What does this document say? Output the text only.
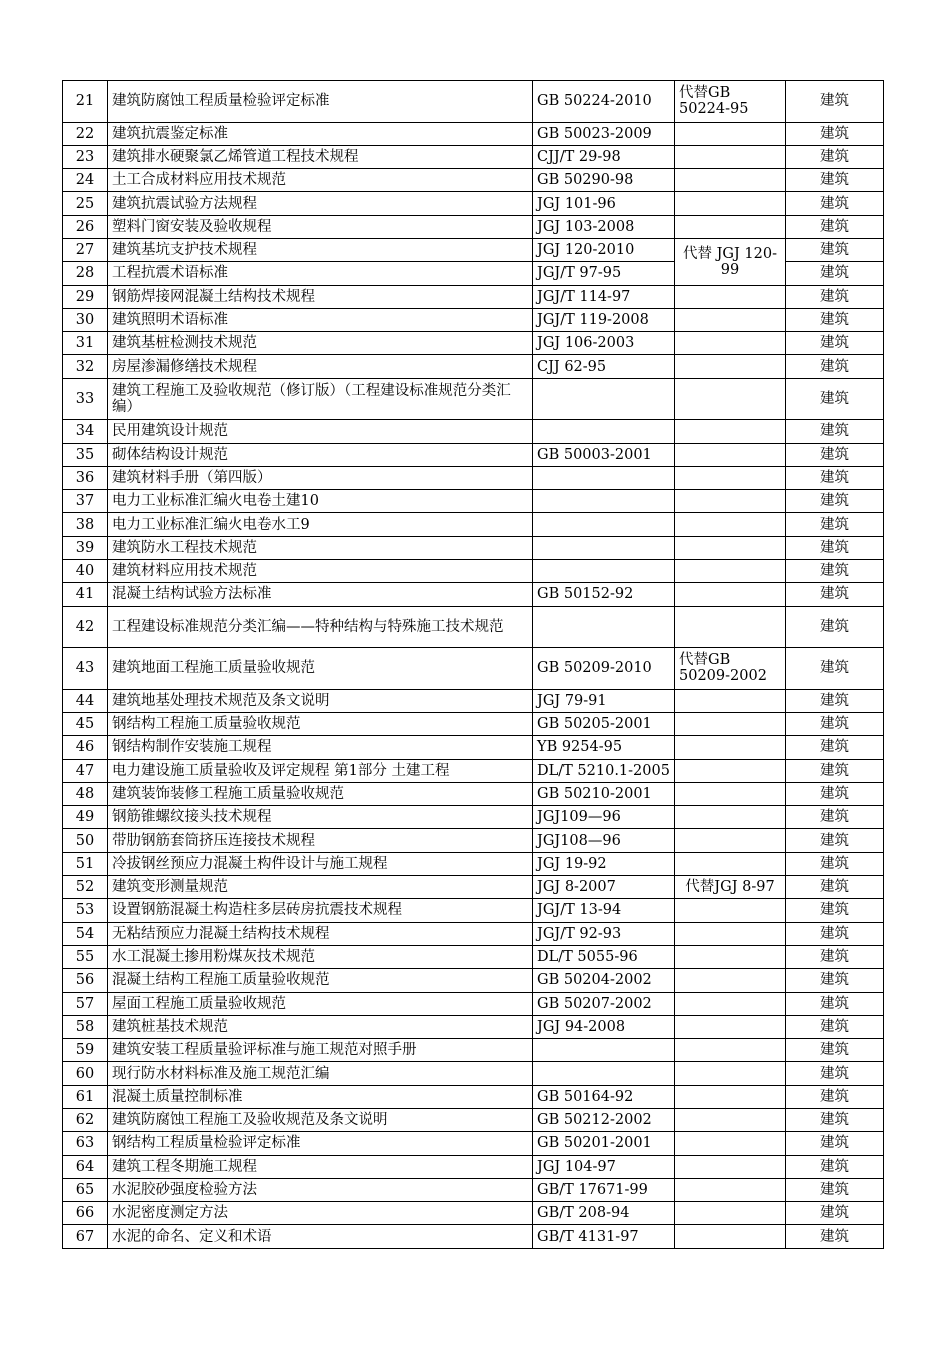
21	建筑防腐蚀工程质量检验评定标准	GB 50224-2010	代替GB 50224-95	建筑
22	建筑抗震鉴定标准	GB 50023-2009		建筑
23	建筑排水硬聚氯乙烯管道工程技术规程	CJJ/T 29-98		建筑
24	土工合成材料应用技术规范	GB 50290-98		建筑
25	建筑抗震试验方法规程	JGJ 101-96		建筑
26	塑料门窗安装及验收规程	JGJ 103-2008		建筑
27	建筑基坑支护技术规程	JGJ 120-2010	代替 JGJ 120-99	建筑
28	工程抗震术语标准	JGJ/T 97-95		建筑
29	钢筋焊接网混凝土结构技术规程	JGJ/T 114-97		建筑
30	建筑照明术语标准	JGJ/T 119-2008		建筑
31	建筑基桩检测技术规范	JGJ 106-2003		建筑
32	房屋渗漏修缮技术规程	CJJ 62-95		建筑
33	建筑工程施工及验收规范（修订版）（工程建设标准规范分类汇编）			建筑
34	民用建筑设计规范			建筑
35	砌体结构设计规范	GB 50003-2001		建筑
36	建筑材料手册（第四版）			建筑
37	电力工业标准汇编火电卷土建10			建筑
38	电力工业标准汇编火电卷水工9			建筑
39	建筑防水工程技术规范			建筑
40	建筑材料应用技术规范			建筑
41	混凝土结构试验方法标准	GB 50152-92		建筑
42	工程建设标准规范分类汇编——特种结构与特殊施工技术规范			建筑
43	建筑地面工程施工质量验收规范	GB 50209-2010	代替GB 50209-2002	建筑
44	建筑地基处理技术规范及条文说明	JGJ 79-91		建筑
45	钢结构工程施工质量验收规范	GB 50205-2001		建筑
46	钢结构制作安装施工规程	YB 9254-95		建筑
47	电力建设施工质量验收及评定规程 第1部分 土建工程	DL/T 5210.1-2005		建筑
48	建筑装饰装修工程施工质量验收规范	GB 50210-2001		建筑
49	钢筋锥螺纹接头技术规程	JGJ109—96		建筑
50	带肋钢筋套筒挤压连接技术规程	JGJ108—96		建筑
51	冷拔钢丝预应力混凝土构件设计与施工规程	JGJ 19-92		建筑
52	建筑变形测量规范	JGJ 8-2007	代替JGJ 8-97	建筑
53	设置钢筋混凝土构造柱多层砖房抗震技术规程	JGJ/T 13-94		建筑
54	无粘结预应力混凝土结构技术规程	JGJ/T 92-93		建筑
55	水工混凝土掺用粉煤灰技术规范	DL/T 5055-96		建筑
56	混凝土结构工程施工质量验收规范	GB 50204-2002		建筑
57	屋面工程施工质量验收规范	GB 50207-2002		建筑
58	建筑桩基技术规范	JGJ 94-2008		建筑
59	建筑安装工程质量验评标准与施工规范对照手册			建筑
60	现行防水材料标准及施工规范汇编			建筑
61	混凝土质量控制标准	GB 50164-92		建筑
62	建筑防腐蚀工程施工及验收规范及条文说明	GB 50212-2002		建筑
63	钢结构工程质量检验评定标准	GB 50201-2001		建筑
64	建筑工程冬期施工规程	JGJ 104-97		建筑
65	水泥胶砂强度检验方法	GB/T 17671-99		建筑
66	水泥密度测定方法	GB/T 208-94		建筑
67	水泥的命名、定义和术语	GB/T 4131-97		建筑
